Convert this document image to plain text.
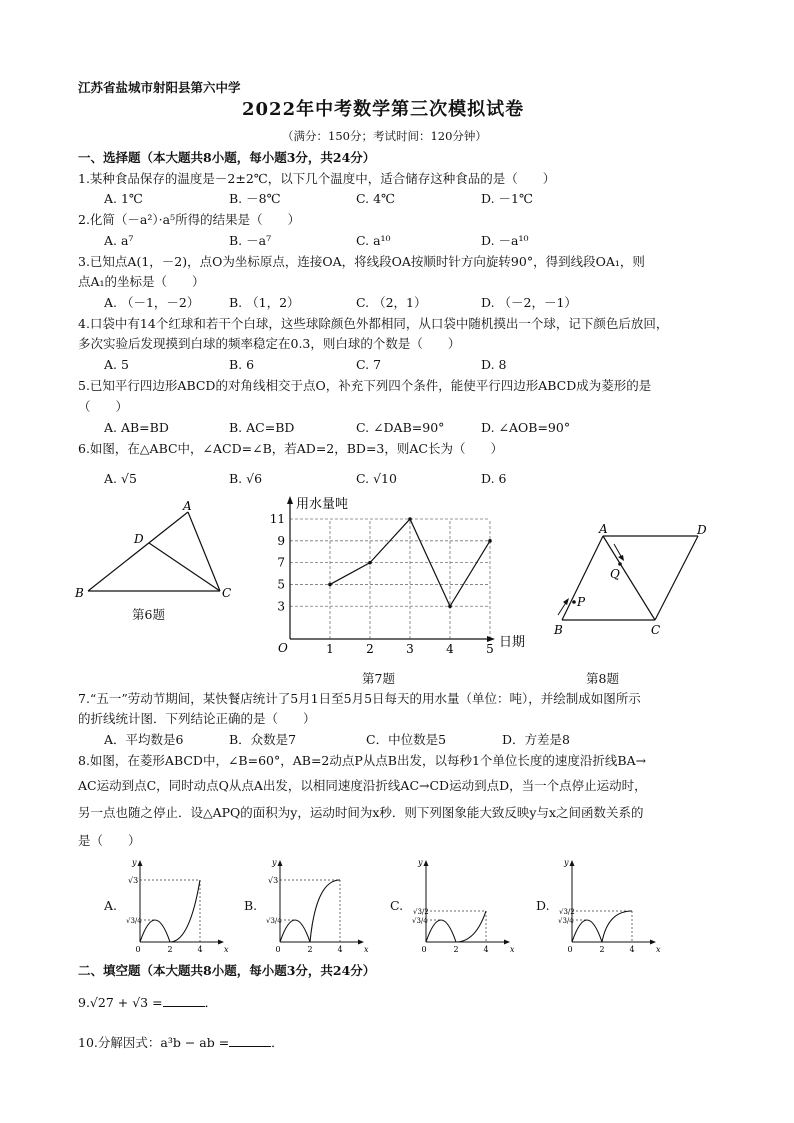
江苏省盐城市射阳县第六中学
2022年中考数学第三次模拟试卷
（满分：150分；考试时间：120分钟）
一、选择题（本大题共8小题，每小题3分，共24分）
1.某种食品保存的温度是－2±2℃，以下几个温度中，适合储存这种食品的是（　　）
A. 1℃	B. －8℃	C. 4℃	D. －1℃
2.化简（－a²）·a⁵所得的结果是（　　）
A. a⁷	B. －a⁷	C. a¹⁰	D. －a¹⁰
3.已知点A(1，－2)，点O为坐标原点，连接OA，将线段OA按顺时针方向旋转90°，得到线段OA₁，则
点A₁的坐标是（　　）
A. （－1，－2） B. （1，2）	C. （2，1）	D. （－2，－1）
4.口袋中有14个红球和若干个白球，这些球除颜色外都相同，从口袋中随机摸出一个球，记下颜色后放回，
多次实验后发现摸到白球的频率稳定在0.3，则白球的个数是（　　）
A. 5	B. 6	C. 7	D. 8
5.已知平行四边形ABCD的对角线相交于点O，补充下列四个条件，能使平行四边形ABCD成为菱形的是
（　　）
A. AB=BD	B. AC=BD	C. ∠DAB=90°	D. ∠AOB=90°
6.如图，在△ABC中，∠ACD=∠B，若AD=2，BD=3，则AC长为（　　）
A. √5	B. √6	C. √10	D. 6
A
B	C
D
第6题
用水量吨
日期
O
3
5
7
9
11
1	2	3	4	5
第7题
A
B	C
D
P
Q
第8题
7.“五一”劳动节期间，某快餐店统计了5月1日至5月5日每天的用水量（单位：吨），并绘制成如图所示
的折线统计图．下列结论正确的是（　　）
A．平均数是6	B．众数是7	C．中位数是5	D．方差是8
8.如图，在菱形ABCD中，∠B=60°，AB=2动点P从点B出发，以每秒1个单位长度的速度沿折线BA→
AC运动到点C，同时动点Q从点A出发，以相同速度沿折线AC→CD运动到点D，当一个点停止运动时，
另一点也随之停止．设△APQ的面积为y，运动时间为x秒．则下列图象能大致反映y与x之间函数关系的
是（　　）
A.
y
x
0	2	4
√3
√3/4
B.
y
x
0	2	4
√3
√3/4
C.
y
x
0	2	4
√3/2
√3/4
D.
y
x
0	2	4
√3/2
√3/4
二、填空题（本大题共8小题，每小题3分，共24分）
9.√27 + √3 =	．
10.分解因式：a³b − ab =	．
